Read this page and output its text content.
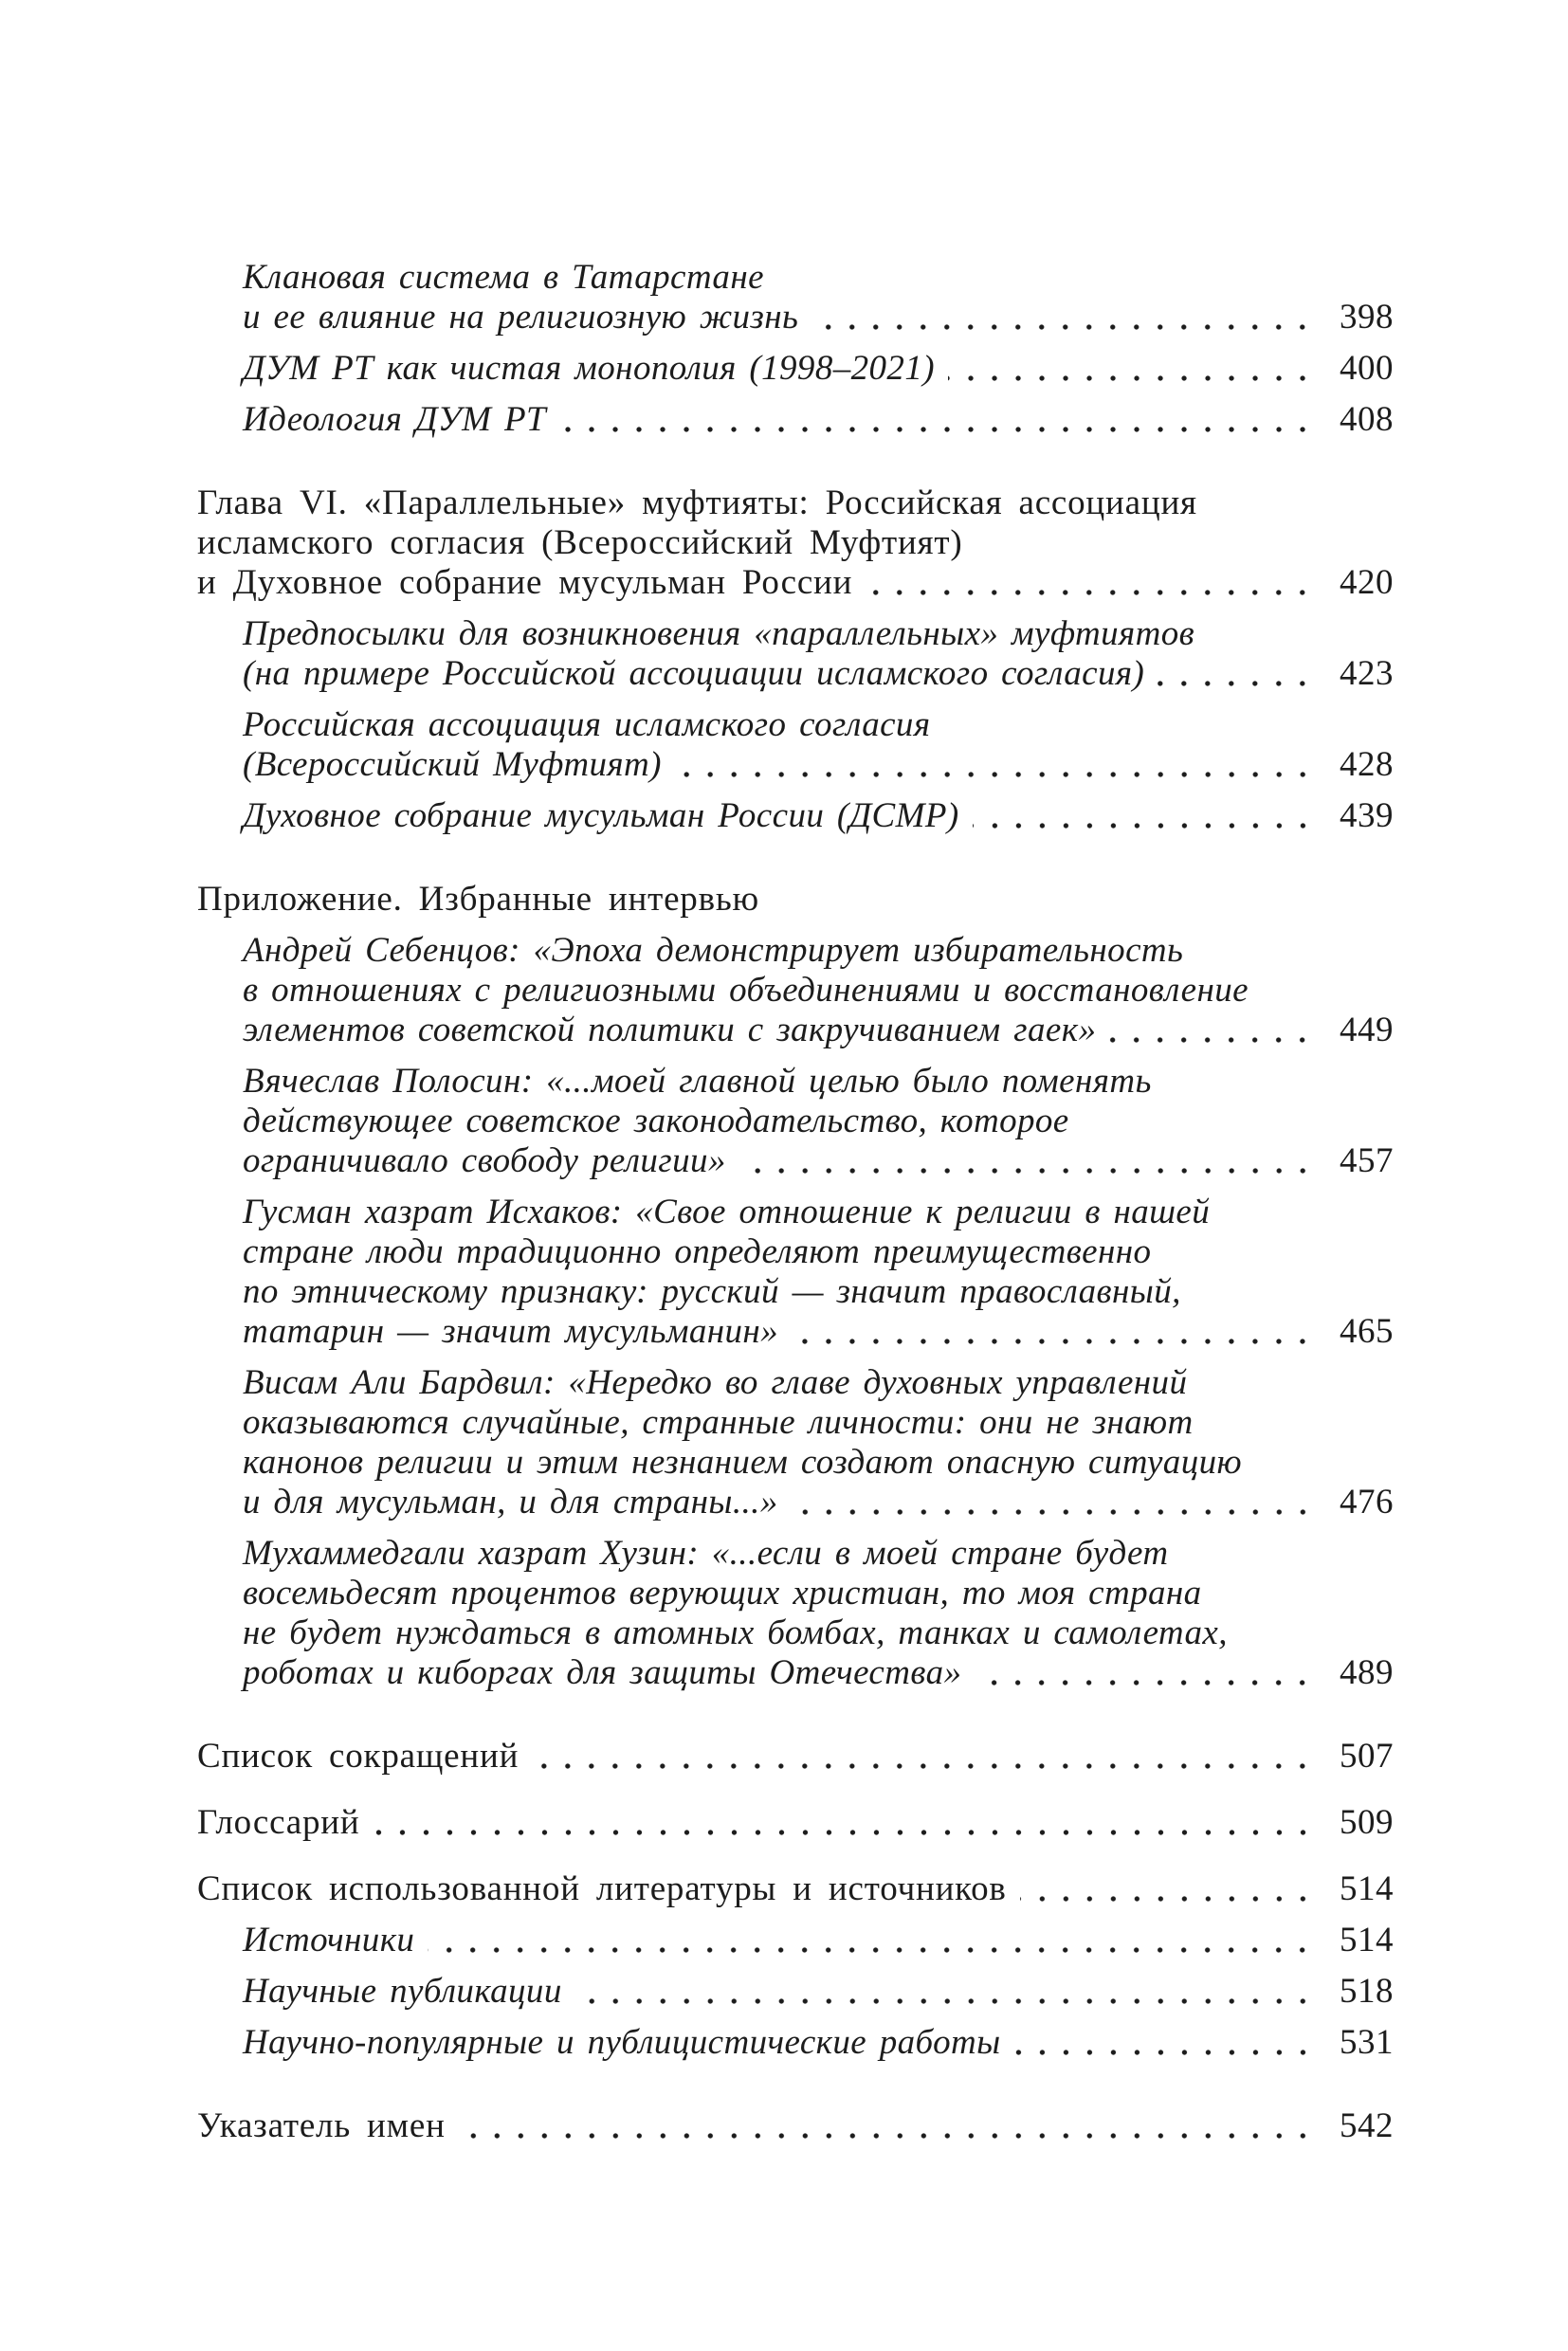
Клановая система в Татарстане
и ее влияние на религиозную жизнь	398
ДУМ РТ как чистая монополия (1998–2021)	400
Идеология ДУМ РТ	408
Глава VI. «Параллельные» муфтияты: Российская ассоциация
исламского согласия (Всероссийский Муфтият)
и Духовное собрание мусульман России	420
Предпосылки для возникновения «параллельных» муфтиятов
(на примере Российской ассоциации исламского согласия)	423
Российская ассоциация исламского согласия
(Всероссийский Муфтият)	428
Духовное собрание мусульман России (ДСМР)	439
Приложение. Избранные интервью
Андрей Себенцов: «Эпоха демонстрирует избирательность
в отношениях с религиозными объединениями и восстановление
элементов советской политики с закручиванием гаек»	449
Вячеслав Полосин: «...моей главной целью было поменять
действующее советское законодательство, которое
ограничивало свободу религии»	457
Гусман хазрат Исхаков: «Свое отношение к религии в нашей
стране люди традиционно определяют преимущественно
по этническому признаку: русский — значит православный,
татарин — значит мусульманин»	465
Висам Али Бардвил: «Нередко во главе духовных управлений
оказываются случайные, странные личности: они не знают
канонов религии и этим незнанием создают опасную ситуацию
и для мусульман, и для страны...»	476
Мухаммедгали хазрат Хузин: «...если в моей стране будет
восемьдесят процентов верующих христиан, то моя страна
не будет нуждаться в атомных бомбах, танках и самолетах,
роботах и киборгах для защиты Отечества»	489
Список сокращений	507
Глоссарий	509
Список использованной литературы и источников	514
Источники	514
Научные публикации	518
Научно-популярные и публицистические работы	531
Указатель имен	542
